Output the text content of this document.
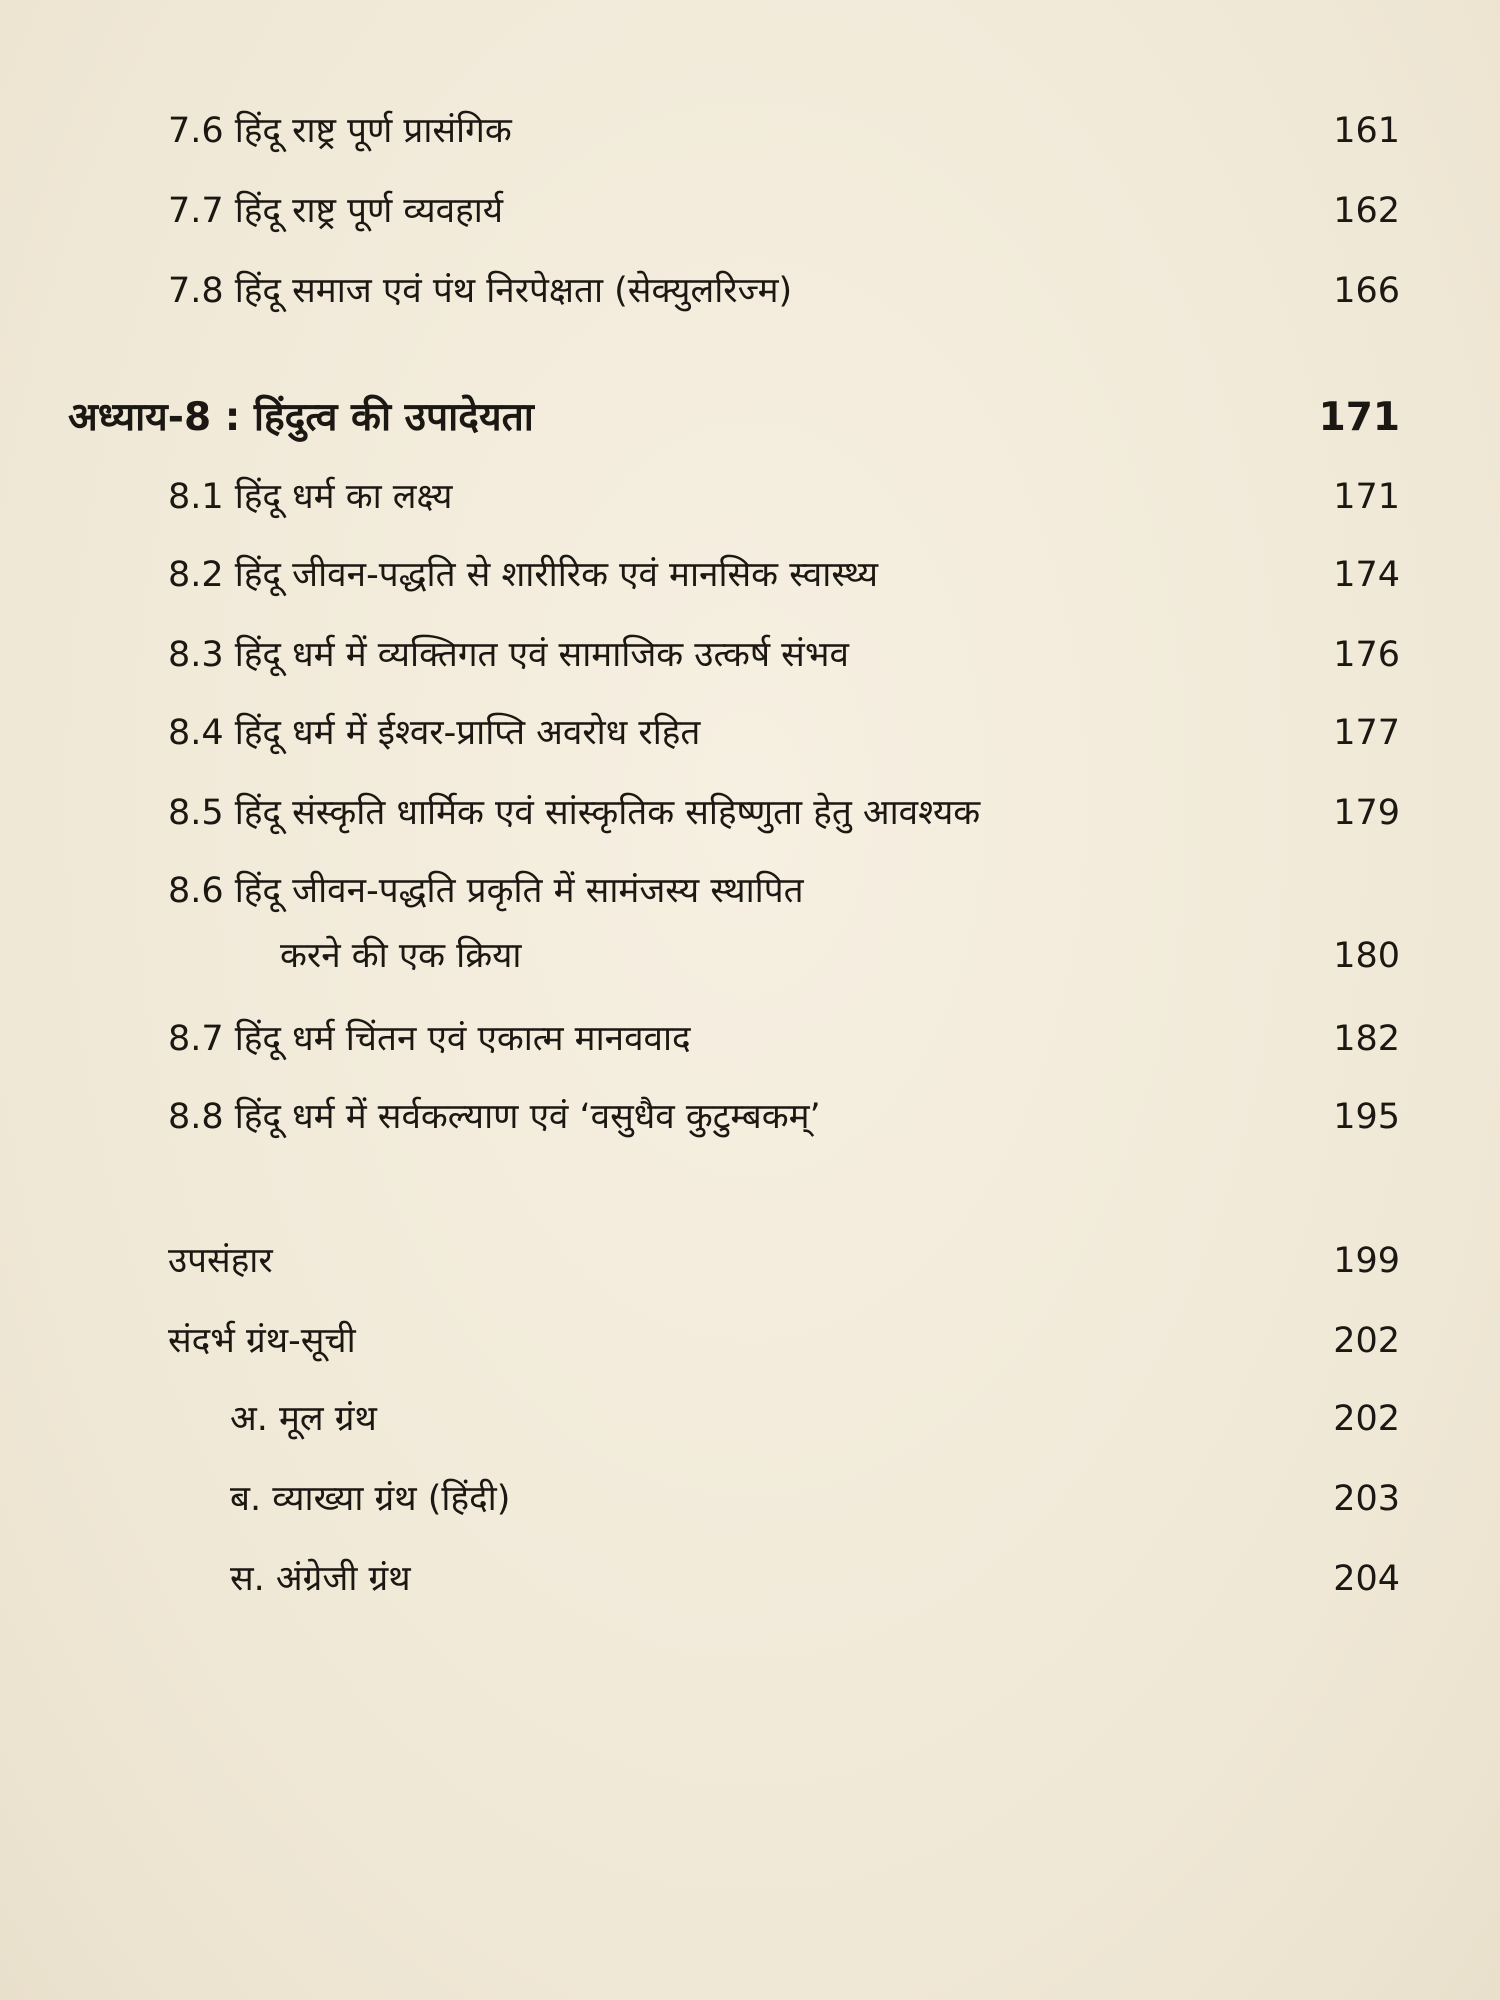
7.6 हिंदू राष्ट्र पूर्ण प्रासंगिक	161
7.7 हिंदू राष्ट्र पूर्ण व्यवहार्य	162
7.8 हिंदू समाज एवं पंथ निरपेक्षता (सेक्युलरिज्म)	166
अध्याय-8 : हिंदुत्व की उपादेयता	171
8.1 हिंदू धर्म का लक्ष्य	171
8.2 हिंदू जीवन-पद्धति से शारीरिक एवं मानसिक स्वास्थ्य	174
8.3 हिंदू धर्म में व्यक्तिगत एवं सामाजिक उत्कर्ष संभव	176
8.4 हिंदू धर्म में ईश्वर-प्राप्ति अवरोध रहित	177
8.5 हिंदू संस्कृति धार्मिक एवं सांस्कृतिक सहिष्णुता हेतु आवश्यक	179
8.6 हिंदू जीवन-पद्धति प्रकृति में सामंजस्य स्थापित
करने की एक क्रिया	180
8.7 हिंदू धर्म चिंतन एवं एकात्म मानववाद	182
8.8 हिंदू धर्म में सर्वकल्याण एवं ‘वसुधैव कुटुम्बकम्’	195
उपसंहार	199
संदर्भ ग्रंथ-सूची	202
अ. मूल ग्रंथ	202
ब. व्याख्या ग्रंथ (हिंदी)	203
स. अंग्रेजी ग्रंथ	204
